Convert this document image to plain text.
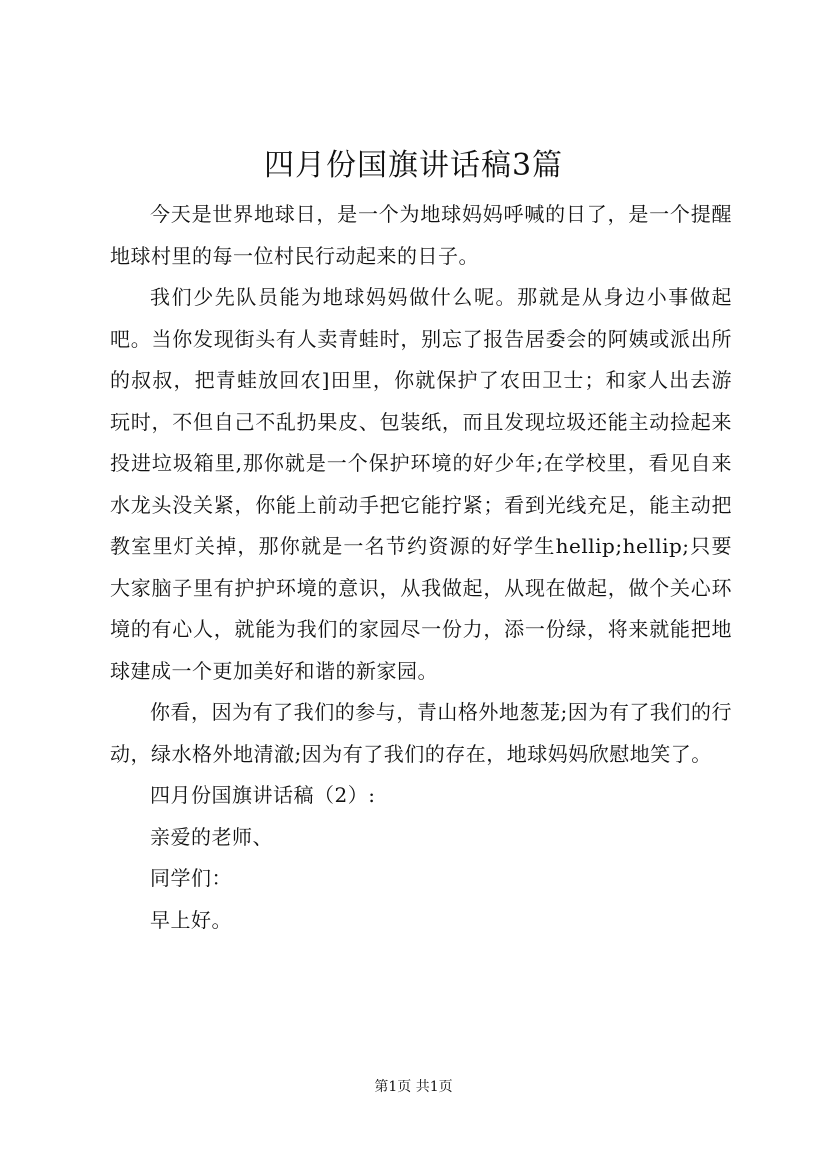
四月份国旗讲话稿3篇

今天是世界地球日，是一个为地球妈妈呼喊的日了，是一个提醒地球村里的每一位村民行动起来的日子。

我们少先队员能为地球妈妈做什么呢。那就是从身边小事做起吧。当你发现街头有人卖青蛙时，别忘了报告居委会的阿姨或派出所的叔叔，把青蛙放回农]田里，你就保护了农田卫士；和家人出去游玩时，不但自己不乱扔果皮、包装纸，而且发现垃圾还能主动捡起来投进垃圾箱里,那你就是一个保护环境的好少年;在学校里，看见自来水龙头没关紧，你能上前动手把它能拧紧；看到光线充足，能主动把教室里灯关掉，那你就是一名节约资源的好学生hellip;hellip;只要大家脑子里有护护环境的意识，从我做起，从现在做起，做个关心环境的有心人，就能为我们的家园尽一份力，添一份绿，将来就能把地球建成一个更加美好和谐的新家园。

你看，因为有了我们的参与，青山格外地葱茏;因为有了我们的行动，绿水格外地清澈;因为有了我们的存在，地球妈妈欣慰地笑了。

四月份国旗讲话稿（2）:

亲爱的老师、

同学们：

早上好。

第1页 共1页
